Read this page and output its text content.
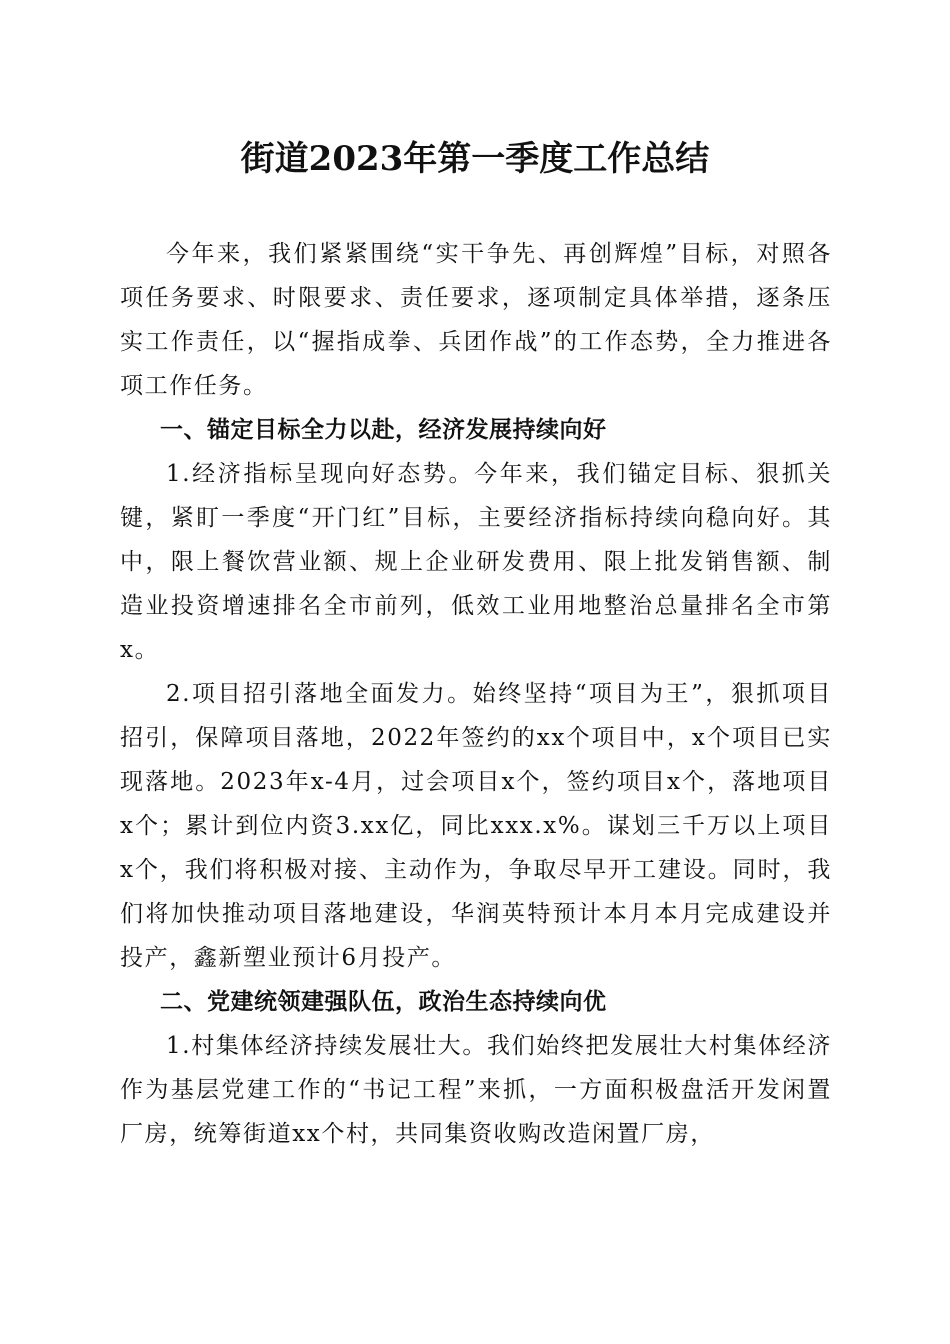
街道2023年第一季度工作总结

今年来，我们紧紧围绕“实干争先、再创辉煌”目标，对照各项任务要求、时限要求、责任要求，逐项制定具体举措，逐条压实工作责任，以“握指成拳、兵团作战”的工作态势，全力推进各项工作任务。

一、锚定目标全力以赴，经济发展持续向好

1.经济指标呈现向好态势。今年来，我们锚定目标、狠抓关键，紧盯一季度“开门红”目标，主要经济指标持续向稳向好。其中，限上餐饮营业额、规上企业研发费用、限上批发销售额、制造业投资增速排名全市前列，低效工业用地整治总量排名全市第x。

2.项目招引落地全面发力。始终坚持“项目为王”，狠抓项目招引，保障项目落地，2022年签约的xx个项目中，x个项目已实现落地。2023年x-4月，过会项目x个，签约项目x个，落地项目x个；累计到位内资3.xx亿，同比xxx.x%。谋划三千万以上项目x个，我们将积极对接、主动作为，争取尽早开工建设。同时，我们将加快推动项目落地建设，华润英特预计本月本月完成建设并投产，鑫新塑业预计6月投产。

二、党建统领建强队伍，政治生态持续向优

1.村集体经济持续发展壮大。我们始终把发展壮大村集体经济作为基层党建工作的“书记工程”来抓，一方面积极盘活开发闲置厂房，统筹街道xx个村，共同集资收购改造闲置厂房，
